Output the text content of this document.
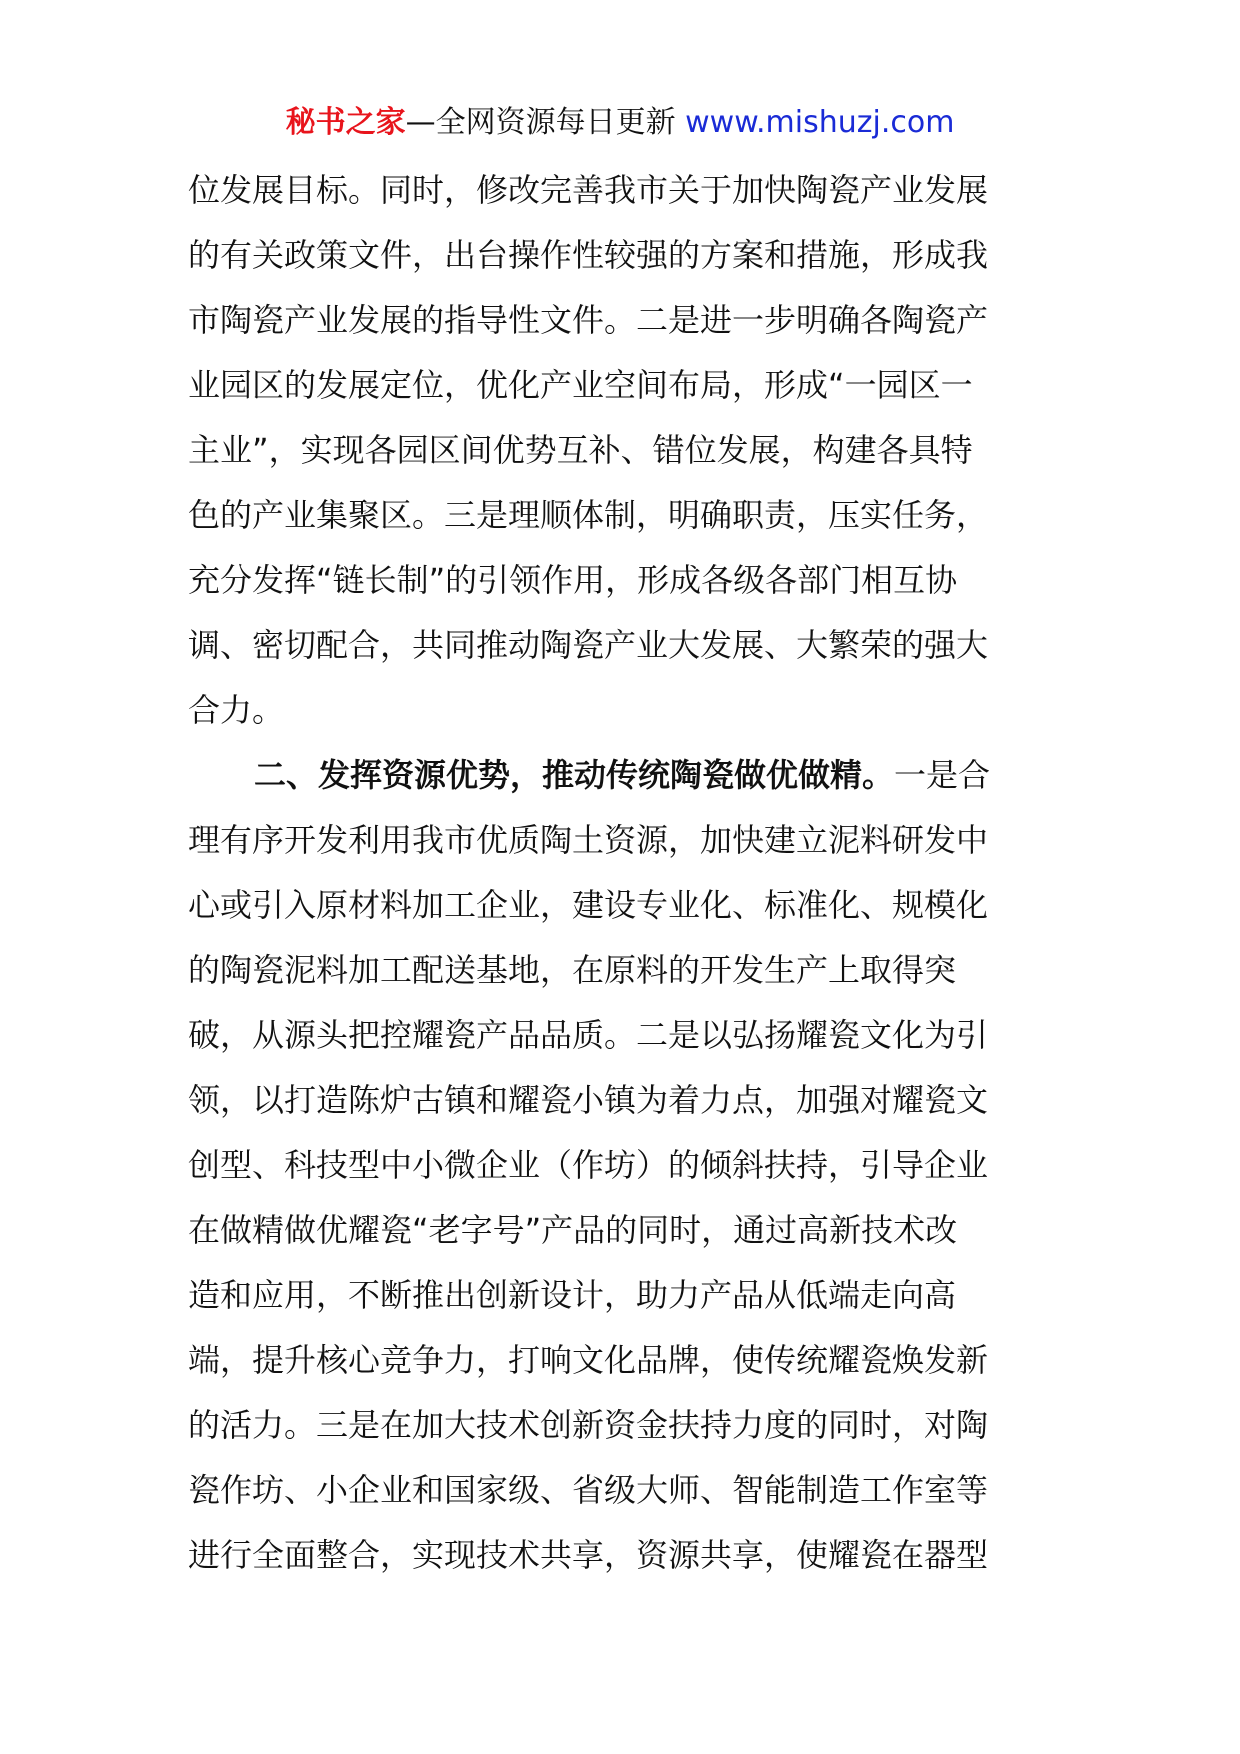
秘书之家—全网资源每日更新 www.mishuzj.com
位发展目标。同时，修改完善我市关于加快陶瓷产业发展
的有关政策文件，出台操作性较强的方案和措施，形成我
市陶瓷产业发展的指导性文件。二是进一步明确各陶瓷产
业园区的发展定位，优化产业空间布局，形成“一园区一
主业”，实现各园区间优势互补、错位发展，构建各具特
色的产业集聚区。三是理顺体制，明确职责，压实任务，
充分发挥“链长制”的引领作用，形成各级各部门相互协
调、密切配合，共同推动陶瓷产业大发展、大繁荣的强大
合力。
二、发挥资源优势，推动传统陶瓷做优做精。一是合
理有序开发利用我市优质陶土资源，加快建立泥料研发中
心或引入原材料加工企业，建设专业化、标准化、规模化
的陶瓷泥料加工配送基地，在原料的开发生产上取得突
破，从源头把控耀瓷产品品质。二是以弘扬耀瓷文化为引
领，以打造陈炉古镇和耀瓷小镇为着力点，加强对耀瓷文
创型、科技型中小微企业（作坊）的倾斜扶持，引导企业
在做精做优耀瓷“老字号”产品的同时，通过高新技术改
造和应用，不断推出创新设计，助力产品从低端走向高
端，提升核心竞争力，打响文化品牌，使传统耀瓷焕发新
的活力。三是在加大技术创新资金扶持力度的同时，对陶
瓷作坊、小企业和国家级、省级大师、智能制造工作室等
进行全面整合，实现技术共享，资源共享，使耀瓷在器型
